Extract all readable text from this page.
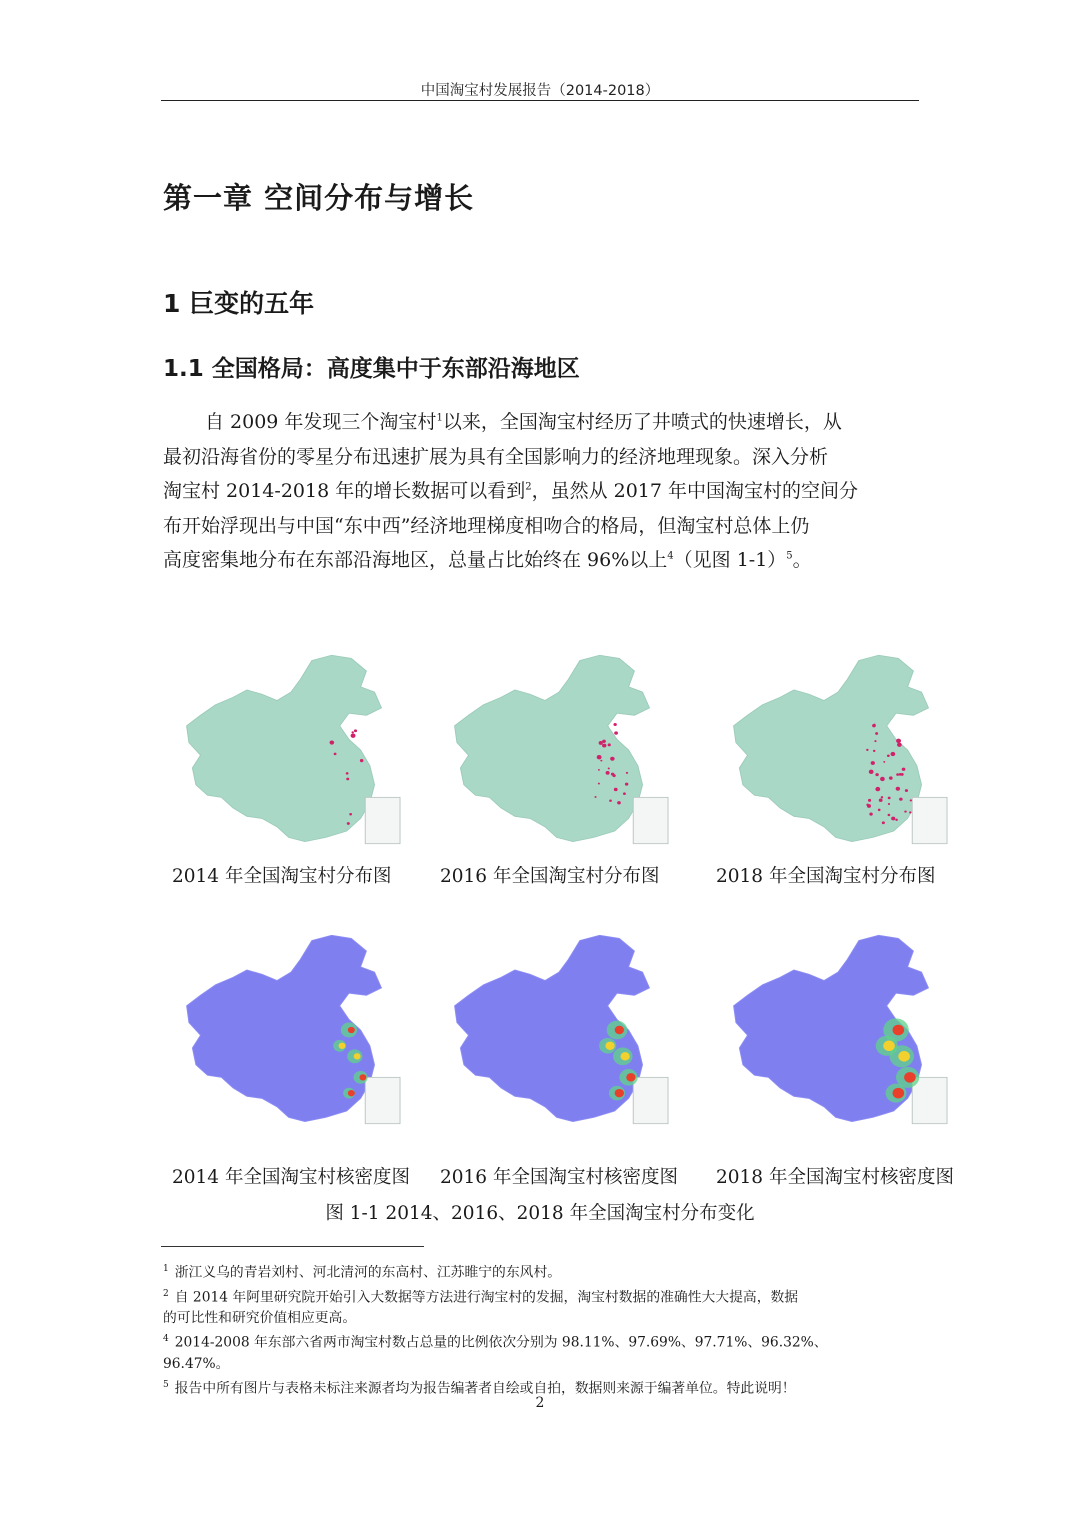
中国淘宝村发展报告（2014-2018）
第一章 空间分布与增长
1 巨变的五年
1.1 全国格局：高度集中于东部沿海地区
自 2009 年发现三个淘宝村$^1$以来，全国淘宝村经历了井喷式的快速增长，从
最初沿海省份的零星分布迅速扩展为具有全国影响力的经济地理现象。深入分析
淘宝村 2014-2018 年的增长数据可以看到$^2$，虽然从 2017 年中国淘宝村的空间分
布开始浮现出与中国“东中西”经济地理梯度相吻合的格局，但淘宝村总体上仍
高度密集地分布在东部沿海地区，总量占比始终在 96%以上$^4$（见图 1-1）$^5$。
2014 年全国淘宝村分布图	2016 年全国淘宝村分布图	2018 年全国淘宝村分布图
2014 年全国淘宝村核密度图 2016 年全国淘宝村核密度图 2018 年全国淘宝村核密度图
图 1-1 2014、2016、2018 年全国淘宝村分布变化
$^1$ 浙江义乌的青岩刘村、河北清河的东高村、江苏睢宁的东风村。
$^2$ 自 2014 年阿里研究院开始引入大数据等方法进行淘宝村的发掘，淘宝村数据的准确性大大提高，数据
的可比性和研究价值相应更高。
$^4$ 2014-2008 年东部六省两市淘宝村数占总量的比例依次分别为 98.11%、97.69%、97.71%、96.32%、
96.47%。
$^5$ 报告中所有图片与表格未标注来源者均为报告编著者自绘或自拍，数据则来源于编著单位。特此说明！
2
